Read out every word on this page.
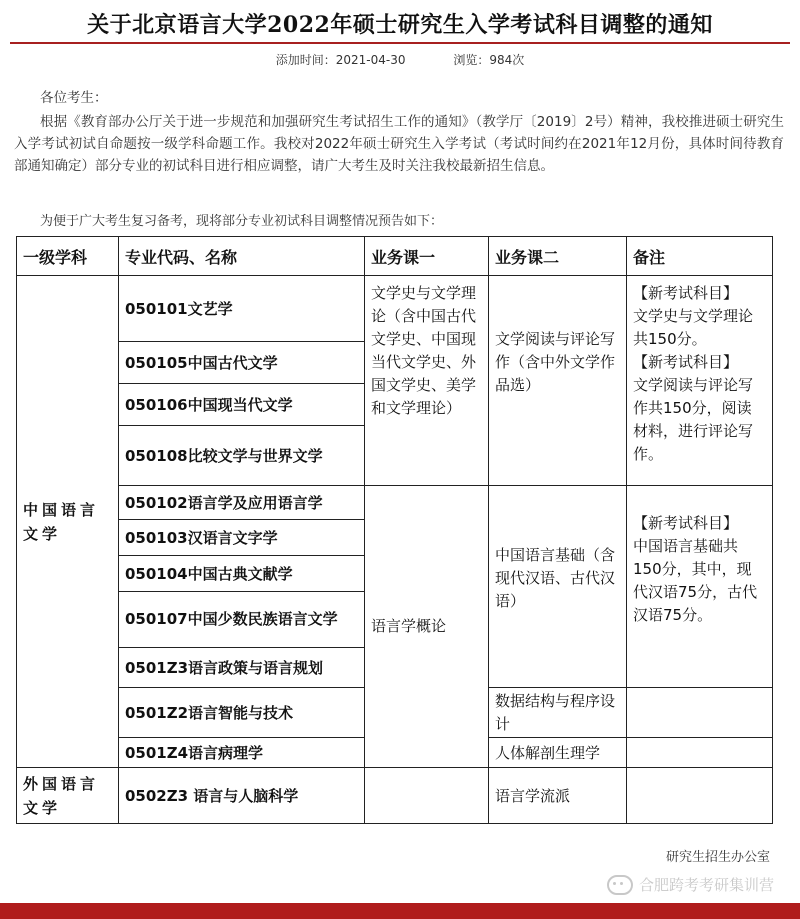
关于北京语言大学2022年硕士研究生入学考试科目调整的通知
添加时间：2021-04-30	浏览：984次
各位考生：
根据《教育部办公厅关于进一步规范和加强研究生考试招生工作的通知》（教学厅〔2019〕2号）精神，我校推进硕士研究生入学考试初试自命题按一级学科命题工作。我校对2022年硕士研究生入学考试（考试时间约在2021年12月份，具体时间待教育部通知确定）部分专业的初试科目进行相应调整，请广大考生及时关注我校最新招生信息。
为便于广大考生复习备考，现将部分专业初试科目调整情况预告如下：
一级学科	专业代码、名称	业务课一	业务课二	备注
中国语言文学	050101文艺学	文学史与文学理论（含中国古代文学史、中国现当代文学史、外国文学史、美学和文学理论）	文学阅读与评论写作（含中外文学作品选）	【新考试科目】
文学史与文学理论共150分。
【新考试科目】
文学阅读与评论写作共150分，阅读材料，进行评论写作。

	050105中国古代文学			
	050106中国现当代文学			
	050108比较文学与世界文学			
	050102语言学及应用语言学	语言学概论	中国语言基础（含现代汉语、古代汉语）	【新考试科目】
中国语言基础共150分，其中，现代汉语75分，古代汉语75分。

	050103汉语言文字学			
	050104中国古典文献学			
	050107中国少数民族语言文学			
	0501Z3语言政策与语言规划			
	0501Z2语言智能与技术		数据结构与程序设计	
	0501Z4语言病理学		人体解剖生理学	
外国语言文学	0502Z3 语言与人脑科学		语言学流派	
研究生招生办公室
合肥跨考考研集训营
